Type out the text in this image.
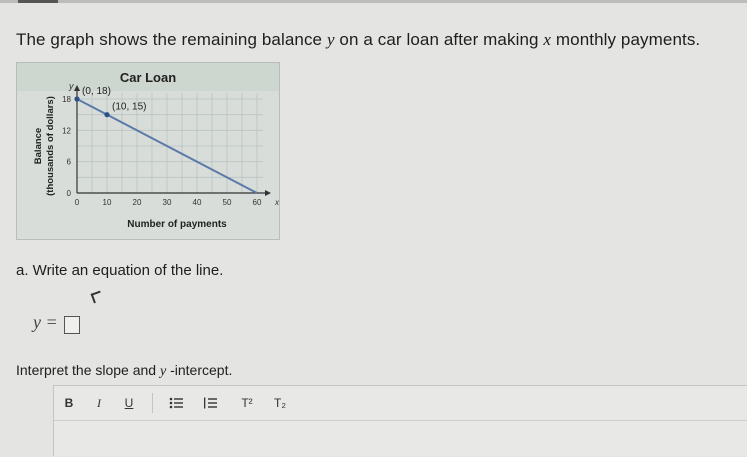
The graph shows the remaining balance y on a car loan after making x monthly payments.
Car Loan
x
y
0	10	20	30	40	50	60
0
6
12
18
Number of payments
Balance(thousands of dollars)
(0, 18)
(10, 15)
a. Write an equation of the line.
y =
Interpret the slope and y -intercept.
B	I	U	T²	T₂
